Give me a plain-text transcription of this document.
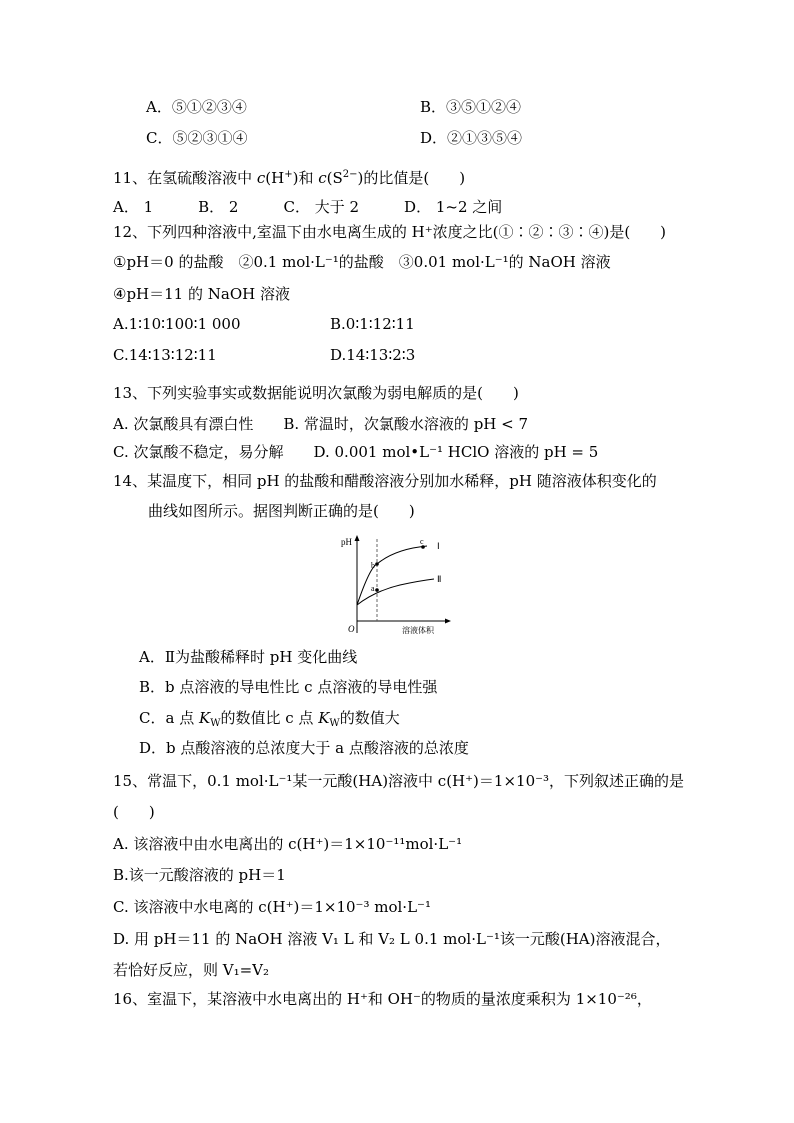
A．⑤①②③④	B．③⑤①②④
C．⑤②③①④	D．②①③⑤④
11、在氢硫酸溶液中 c(H+)和 $c(S^{2-})$的比值是(　　)
A． 1　　　B． 2　　　C． 大于 2　　　D． 1~2 之间
12、下列四种溶液中,室温下由水电离生成的 H⁺浓度之比(①∶②∶③∶④)是(　　)
①pH＝0 的盐酸　②0.1 mol·L⁻¹的盐酸　③0.01 mol·L⁻¹的 NaOH 溶液
④pH＝11 的 NaOH 溶液
A.1∶10∶100∶1 000	B.0∶1∶12∶11
C.14∶13∶12∶11	D.14∶13∶2∶3
13、下列实验事实或数据能说明次氯酸为弱电解质的是(　　)
A. 次氯酸具有漂白性　　B. 常温时，次氯酸水溶液的 pH < 7
C. 次氯酸不稳定，易分解　　D. 0.001 mol•L⁻¹ HClO 溶液的 pH = 5
14、某温度下，相同 pH 的盐酸和醋酸溶液分别加水稀释，pH 随溶液体积变化的
曲线如图所示。据图判断正确的是(　　)
pH
溶液体积
O
b
a
c Ⅰ
Ⅱ
A．Ⅱ为盐酸稀释时 pH 变化曲线
B．b 点溶液的导电性比 c 点溶液的导电性强
C．a 点 $K_W$的数值比 c 点 $K_W$的数值大
D．b 点酸溶液的总浓度大于 a 点酸溶液的总浓度
15、常温下，0.1 mol·L⁻¹某一元酸(HA)溶液中 c(H⁺)＝1×10⁻³，下列叙述正确的是
(　　)
A. 该溶液中由水电离出的 c(H⁺)＝1×10⁻¹¹mol·L⁻¹
B.该一元酸溶液的 pH＝1
C. 该溶液中水电离的 c(H⁺)＝1×10⁻³ mol·L⁻¹
D. 用 pH＝11 的 NaOH 溶液 V₁ L 和 V₂ L 0.1 mol·L⁻¹该一元酸(HA)溶液混合，
若恰好反应，则 V₁=V₂
16、室温下，某溶液中水电离出的 H⁺和 OH⁻的物质的量浓度乘积为 1×10⁻²⁶，
